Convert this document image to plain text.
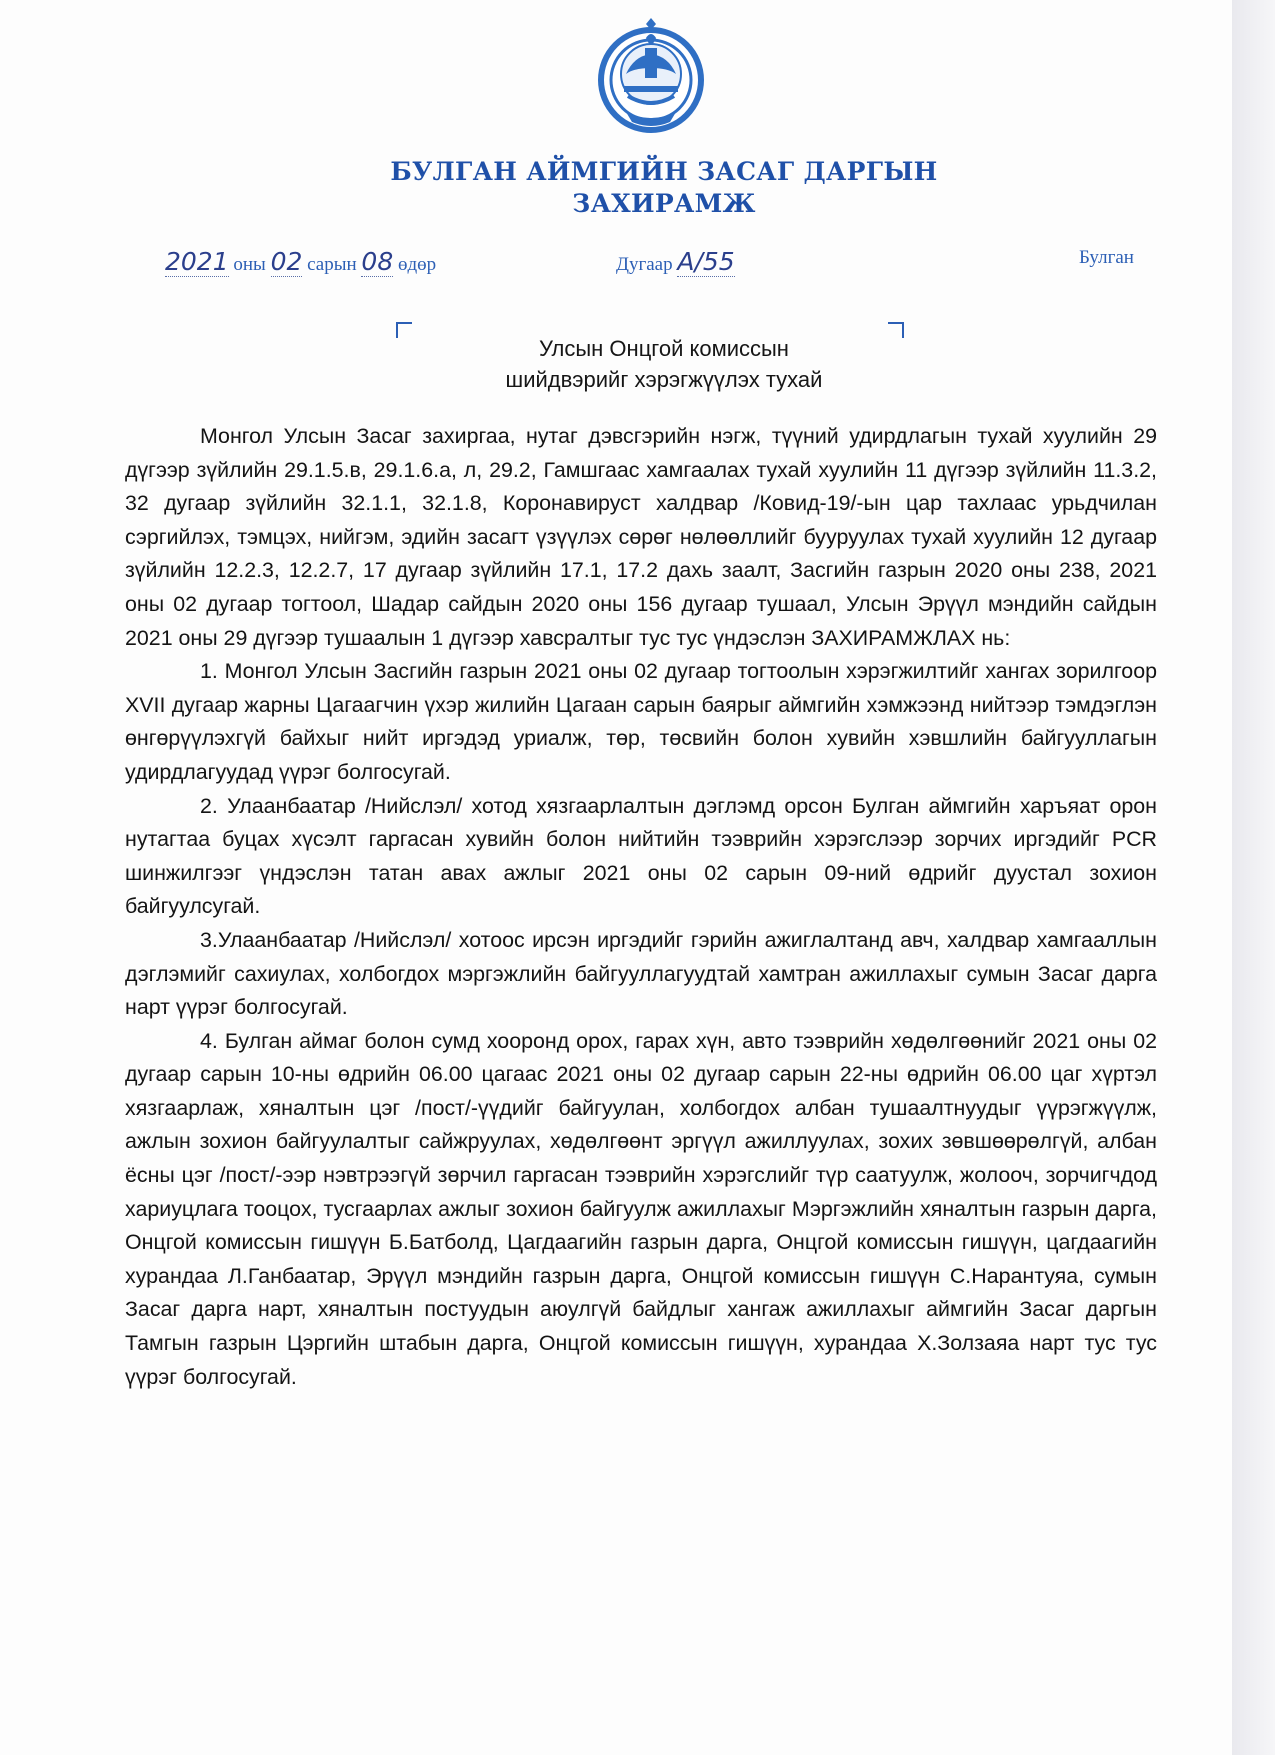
БУЛГАН АЙМГИЙН ЗАСАГ ДАРГЫН
ЗАХИРАМЖ
2021 оны 02 сарын 08 өдөр	Дугаар А/55	Булган
Улсын Онцгой комиссын
шийдвэрийг хэрэгжүүлэх тухай

Монгол Улсын Засаг захиргаа, нутаг дэвсгэрийн нэгж, түүний удирдлагын тухай хуулийн 29 дүгээр зүйлийн 29.1.5.в, 29.1.6.а, л, 29.2, Гамшгаас хамгаалах тухай хуулийн 11 дүгээр зүйлийн 11.3.2, 32 дугаар зүйлийн 32.1.1, 32.1.8, Коронавируст халдвар /Ковид-19/-ын цар тахлаас урьдчилан сэргийлэх, тэмцэх, нийгэм, эдийн засагт үзүүлэх сөрөг нөлөөллийг бууруулах тухай хуулийн 12 дугаар зүйлийн 12.2.3, 12.2.7, 17 дугаар зүйлийн 17.1, 17.2 дахь заалт, Засгийн газрын 2020 оны 238, 2021 оны 02 дугаар тогтоол, Шадар сайдын 2020 оны 156 дугаар тушаал, Улсын Эрүүл мэндийн сайдын 2021 оны 29 дүгээр тушаалын 1 дүгээр хавсралтыг тус тус үндэслэн ЗАХИРАМЖЛАХ нь:

1. Монгол Улсын Засгийн газрын 2021 оны 02 дугаар тогтоолын хэрэгжилтийг хангах зорилгоор XVII дугаар жарны Цагаагчин үхэр жилийн Цагаан сарын баярыг аймгийн хэмжээнд нийтээр тэмдэглэн өнгөрүүлэхгүй байхыг нийт иргэдэд уриалж, төр, төсвийн болон хувийн хэвшлийн байгууллагын удирдлагуудад үүрэг болгосугай.

2. Улаанбаатар /Нийслэл/ хотод хязгаарлалтын дэглэмд орсон Булган аймгийн харъяат орон нутагтаа буцах хүсэлт гаргасан хувийн болон нийтийн тээврийн хэрэгслээр зорчих иргэдийг PCR шинжилгээг үндэслэн татан авах ажлыг 2021 оны 02 сарын 09-ний өдрийг дуустал зохион байгуулсугай.

3.Улаанбаатар /Нийслэл/ хотоос ирсэн иргэдийг гэрийн ажиглалтанд авч, халдвар хамгааллын дэглэмийг сахиулах, холбогдох мэргэжлийн байгууллагуудтай хамтран ажиллахыг сумын Засаг дарга нарт үүрэг болгосугай.

4. Булган аймаг болон сумд хооронд орох, гарах хүн, авто тээврийн хөдөлгөөнийг 2021 оны 02 дугаар сарын 10-ны өдрийн 06.00 цагаас 2021 оны 02 дугаар сарын 22-ны өдрийн 06.00 цаг хүртэл хязгаарлаж, хяналтын цэг /пост/-үүдийг байгуулан, холбогдох албан тушаалтнуудыг үүрэгжүүлж, ажлын зохион байгуулалтыг сайжруулах, хөдөлгөөнт эргүүл ажиллуулах, зохих зөвшөөрөлгүй, албан ёсны цэг /пост/-ээр нэвтрээгүй зөрчил гаргасан тээврийн хэрэгслийг түр саатуулж, жолооч, зорчигчдод хариуцлага тооцох, тусгаарлах ажлыг зохион байгуулж ажиллахыг Мэргэжлийн хяналтын газрын дарга, Онцгой комиссын гишүүн Б.Батболд, Цагдаагийн газрын дарга, Онцгой комиссын гишүүн, цагдаагийн хурандаа Л.Ганбаатар, Эрүүл мэндийн газрын дарга, Онцгой комиссын гишүүн С.Нарантуяа, сумын Засаг дарга нарт, хяналтын постуудын аюулгүй байдлыг хангаж ажиллахыг аймгийн Засаг даргын Тамгын газрын Цэргийн штабын дарга, Онцгой комиссын гишүүн, хурандаа Х.Золзаяа нарт тус тус үүрэг болгосугай.
